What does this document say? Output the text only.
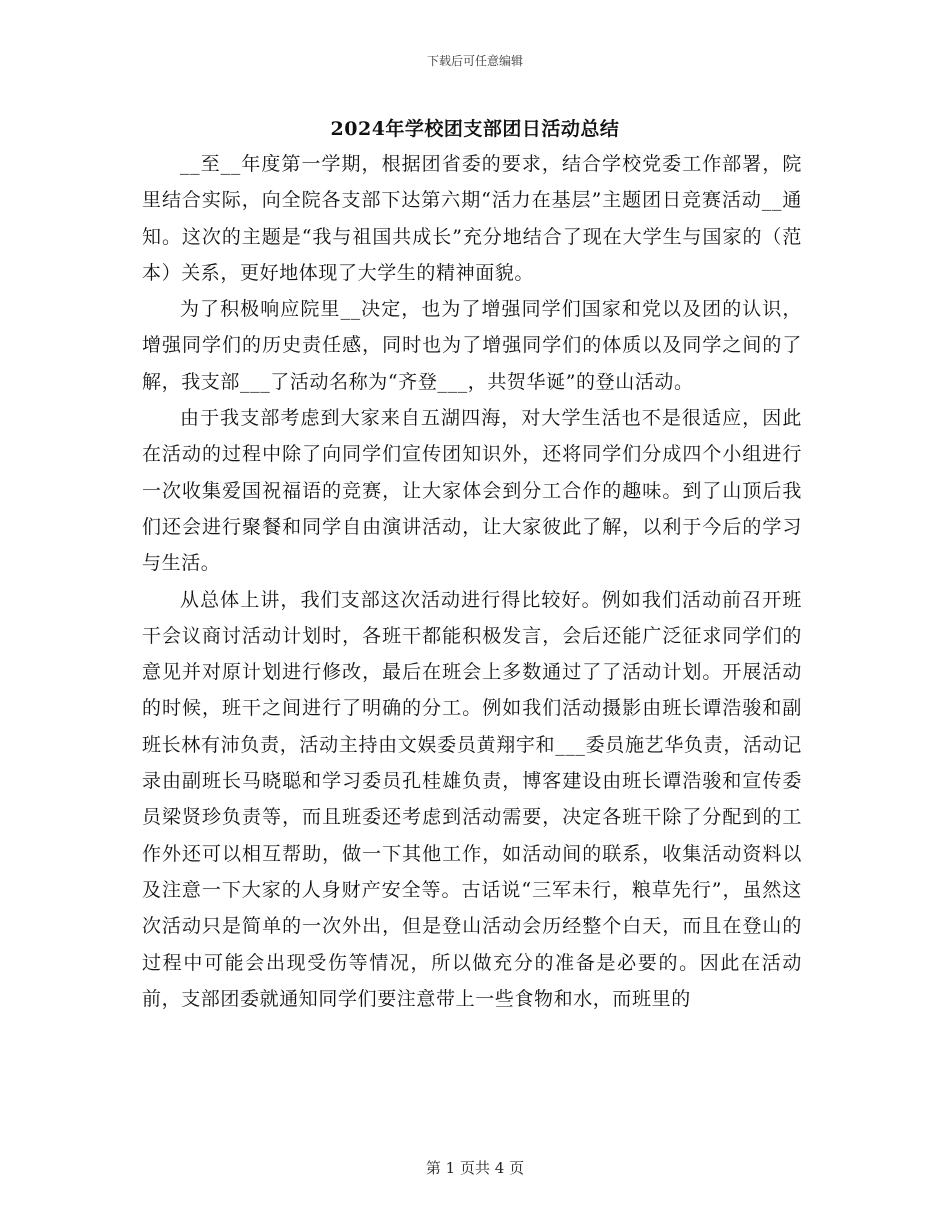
下载后可任意编辑
2024年学校团支部团日活动总结

__至__年度第一学期，根据团省委的要求，结合学校党委工作部署，院里结合实际，向全院各支部下达第六期“活力在基层”主题团日竞赛活动__通知。这次的主题是“我与祖国共成长”充分地结合了现在大学生与国家的（范本）关系，更好地体现了大学生的精神面貌。

为了积极响应院里__决定，也为了增强同学们国家和党以及团的认识，增强同学们的历史责任感，同时也为了增强同学们的体质以及同学之间的了解，我支部___了活动名称为“齐登___，共贺华诞”的登山活动。

由于我支部考虑到大家来自五湖四海，对大学生活也不是很适应，因此在活动的过程中除了向同学们宣传团知识外，还将同学们分成四个小组进行一次收集爱国祝福语的竞赛，让大家体会到分工合作的趣味。到了山顶后我们还会进行聚餐和同学自由演讲活动，让大家彼此了解，以利于今后的学习与生活。

从总体上讲，我们支部这次活动进行得比较好。例如我们活动前召开班干会议商讨活动计划时，各班干都能积极发言，会后还能广泛征求同学们的意见并对原计划进行修改，最后在班会上多数通过了了活动计划。开展活动的时候，班干之间进行了明确的分工。例如我们活动摄影由班长谭浩骏和副班长林有沛负责，活动主持由文娱委员黄翔宇和___委员施艺华负责，活动记录由副班长马晓聪和学习委员孔桂雄负责，博客建设由班长谭浩骏和宣传委员梁贤珍负责等，而且班委还考虑到活动需要，决定各班干除了分配到的工作外还可以相互帮助，做一下其他工作，如活动间的联系，收集活动资料以及注意一下大家的人身财产安全等。古话说“三军未行，粮草先行”，虽然这次活动只是简单的一次外出，但是登山活动会历经整个白天，而且在登山的过程中可能会出现受伤等情况，所以做充分的准备是必要的。因此在活动前，支部团委就通知同学们要注意带上一些食物和水，而班里的

第 1 页共 4 页
